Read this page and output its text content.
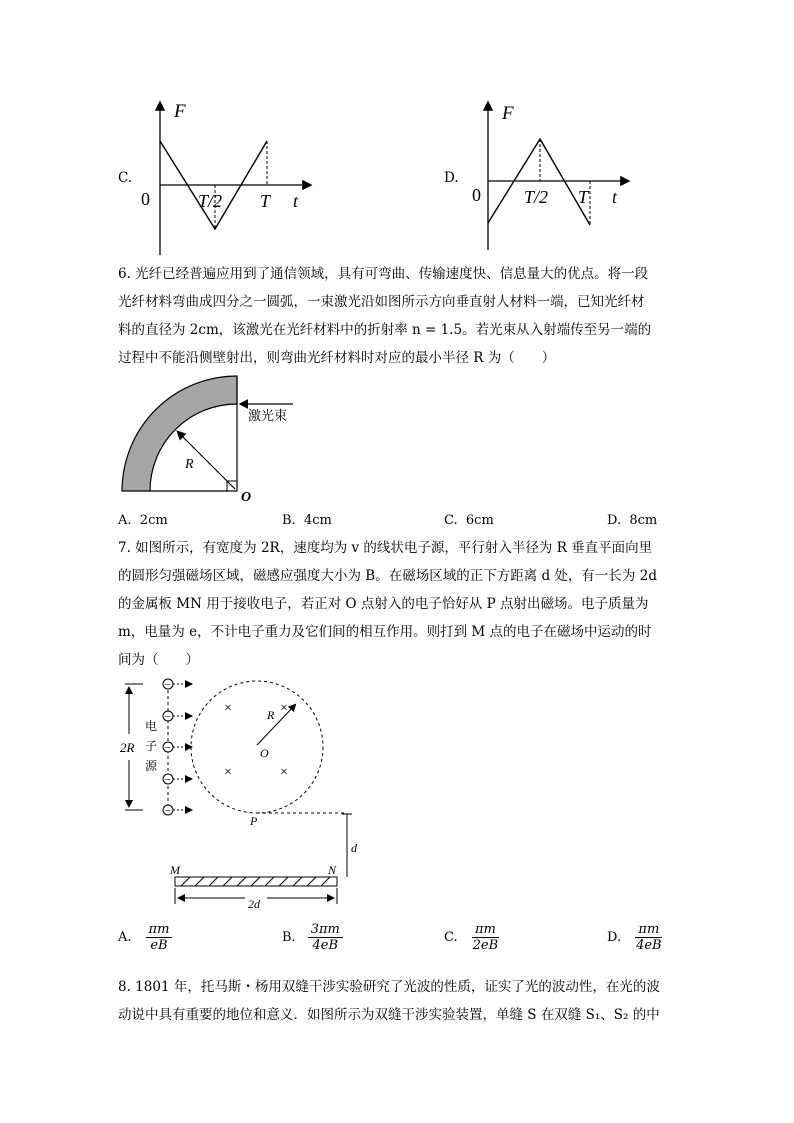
C.
F
0	T/2 T t
D.
F
0 T/2 T t
6. 光纤已经普遍应用到了通信领域，具有可弯曲、传输速度快、信息量大的优点。将一段
光纤材料弯曲成四分之一圆弧，一束激光沿如图所示方向垂直射人材料一端，已知光纤材
料的直径为 2cm，该激光在光纤材料中的折射率 n = 1.5。若光束从入射端传至另一端的
过程中不能沿侧壁射出，则弯曲光纤材料时对应的最小半径 R 为（　　）
激光束
R
O
A. 2cm	B. 4cm	C. 6cm	D. 8cm
7. 如图所示，有宽度为 2R，速度均为 v 的线状电子源，平行射入半径为 R 垂直平面向里
的圆形匀强磁场区域，磁感应强度大小为 B。在磁场区域的正下方距离 d 处，有一长为 2d
的金属板 MN 用于接收电子，若正对 O 点射入的电子恰好从 P 点射出磁场。电子质量为
m，电量为 e，不计电子重力及它们间的相互作用。则打到 M 点的电子在磁场中运动的时
间为（　　）
2R
电
子
源
−
−
−
−
−
×	×
×	×
R
O
P
d
M	N
2d
A. $\frac{\pi m}{eB}$	B. $\frac{3\pi m}{4eB}$	C. $\frac{\pi m}{2eB}$	D. $\frac{\pi m}{4eB}$
8. 1801 年，托马斯・杨用双缝干涉实验研究了光波的性质，证实了光的波动性，在光的波
动说中具有重要的地位和意义．如图所示为双缝干涉实验装置，单缝 S 在双缝 S₁、S₂ 的中
